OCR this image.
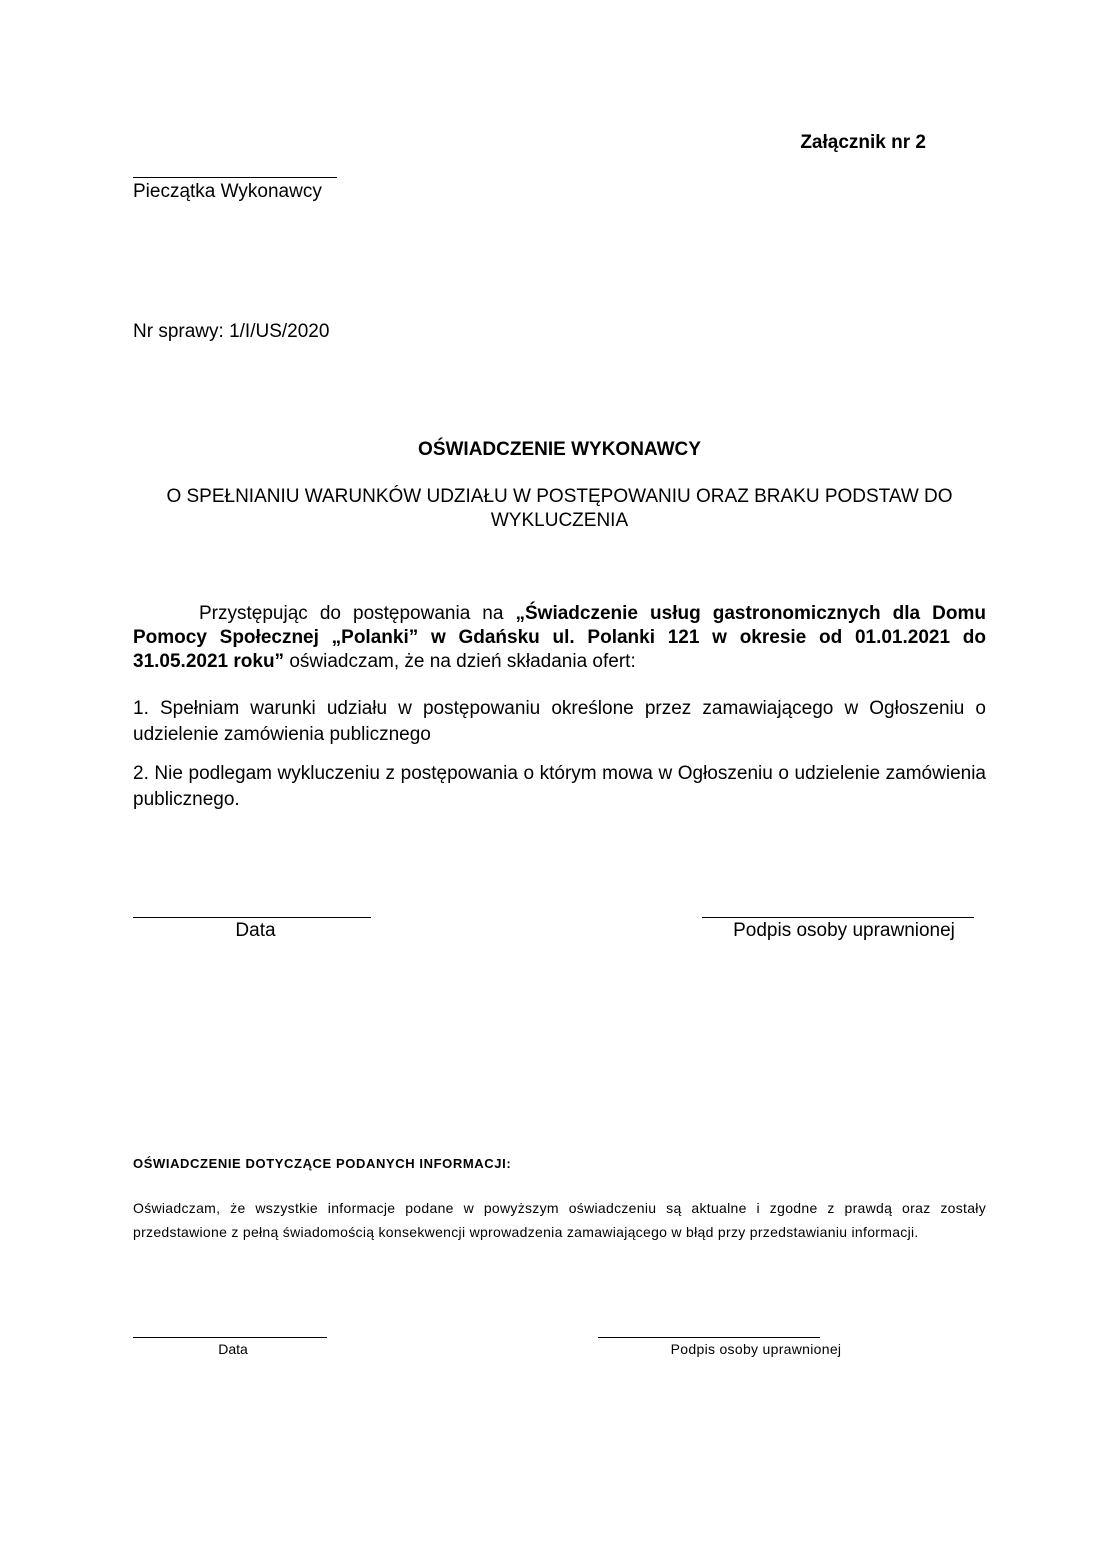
Załącznik nr 2
Pieczątka Wykonawcy
Nr sprawy: 1/I/US/2020
OŚWIADCZENIE WYKONAWCY
O SPEŁNIANIU WARUNKÓW UDZIAŁU W POSTĘPOWANIU ORAZ BRAKU PODSTAW DO WYKLUCZENIA
Przystępując do postępowania na „Świadczenie usług gastronomicznych dla Domu Pomocy Społecznej „Polanki” w Gdańsku ul. Polanki 121 w okresie od 01.01.2021 do 31.05.2021 roku” oświadczam, że na dzień składania ofert:
1. Spełniam warunki udziału w postępowaniu określone przez zamawiającego w Ogłoszeniu o udzielenie zamówienia publicznego
2. Nie podlegam wykluczeniu z postępowania o którym mowa w Ogłoszeniu o udzielenie zamówienia publicznego.
Data	Podpis osoby uprawnionej
OŚWIADCZENIE DOTYCZĄCE PODANYCH INFORMACJI:
Oświadczam, że wszystkie informacje podane w powyższym oświadczeniu są aktualne i zgodne z prawdą oraz zostały przedstawione z pełną świadomością konsekwencji wprowadzenia zamawiającego w błąd przy przedstawianiu informacji.
Data	Podpis osoby uprawnionej
